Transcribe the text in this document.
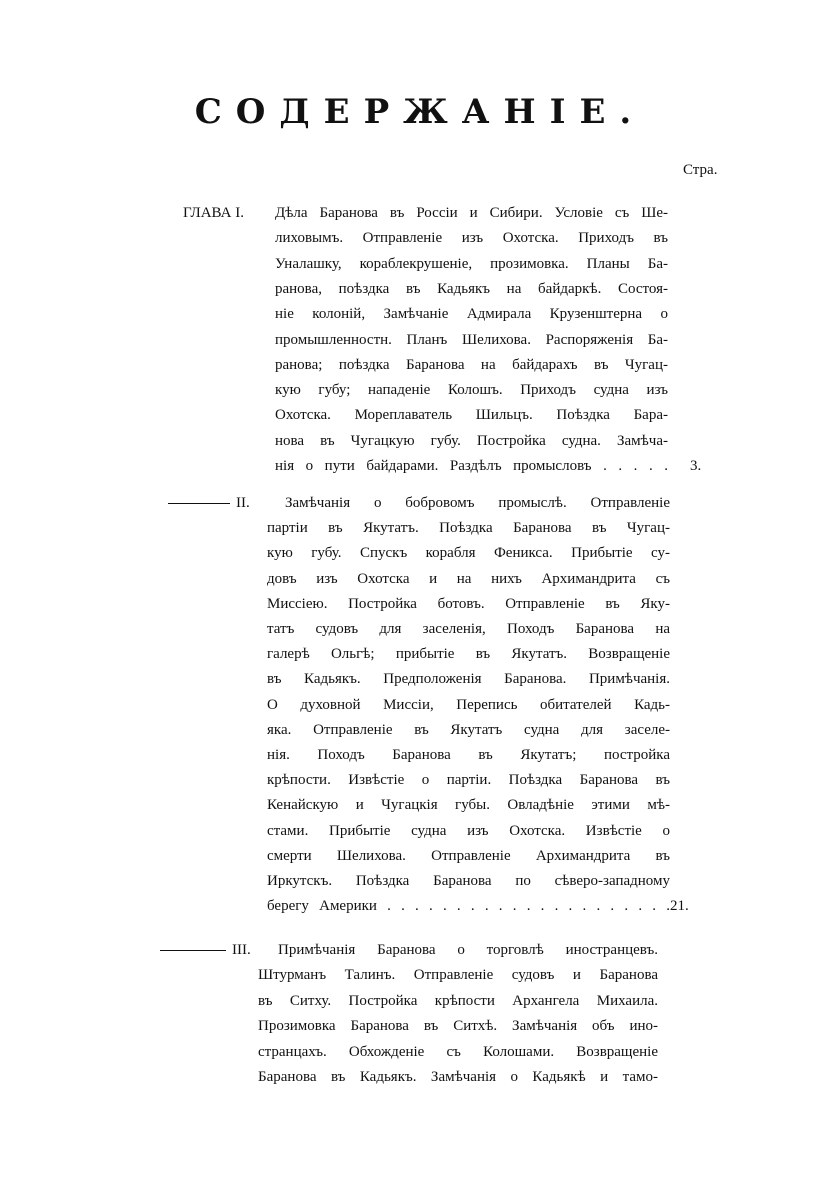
СОДЕРЖАНІЕ.
Стра.
ГЛАВА I. Дѣла Баранова въ Россіи и Сибири. Условіе съ Ше-
лиховымъ. Отправленіе изъ Охотска. Приходъ въ
Уналашку, кораблекрушеніе, прозимовка. Планы Ба-
ранова, поѣздка въ Кадьякъ на байдаркѣ. Состоя-
ніе колоній, Замѣчаніе Адмирала Крузенштерна о
промышленностн. Планъ Шелихова. Распоряженія Ба-
ранова; поѣздка Баранова на байдарахъ въ Чугац-
кую губу; нападеніе Колошъ. Приходъ судна изъ
Охотска. Мореплаватель Шильцъ. Поѣздка Бара-
нова въ Чугацкую губу. Постройка судна. Замѣча-
нія о пути байдарами. Раздѣлъ промысловъ . . . . . 3.
II. Замѣчанія о бобровомъ промыслѣ. Отправленіе
партіи въ Якутатъ. Поѣздка Баранова въ Чугац-
кую губу. Спускъ корабля Феникса. Прибытіе су-
довъ изъ Охотска и на нихъ Архимандрита съ
Миссіею. Постройка ботовъ. Отправленіе въ Яку-
татъ судовъ для заселенія, Походъ Баранова на
галерѣ Ольгѣ; прибытіе въ Якутатъ. Возвращеніе
въ Кадьякъ. Предположенія Баранова. Примѣчанія.
О духовной Миссіи, Перепись обитателей Кадь-
яка. Отправленіе въ Якутатъ судна для заселе-
нія. Походъ Баранова въ Якутатъ; постройка
крѣпости. Извѣстіе о партіи. Поѣздка Баранова въ
Кенайскую и Чугацкія губы. Овладѣніе этими мѣ-
стами. Прибытіе судна изъ Охотска. Извѣстіе о
смерти Шелихова. Отправленіе Архимандрита въ
Иркутскъ. Поѣздка Баранова по сѣверо-западному
берегу Америки . . . . . . . . . . . . . . . . . . . . . 21.
III. Примѣчанія Баранова о торговлѣ иностранцевъ.
Штурманъ Талинъ. Отправленіе судовъ и Баранова
въ Ситху. Постройка крѣпости Архангела Михаила.
Прозимовка Баранова въ Ситхѣ. Замѣчанія объ ино-
странцахъ. Обхожденіе съ Колошами. Возвращеніе
Баранова въ Кадьякъ. Замѣчанія о Кадьякѣ и тамо-
